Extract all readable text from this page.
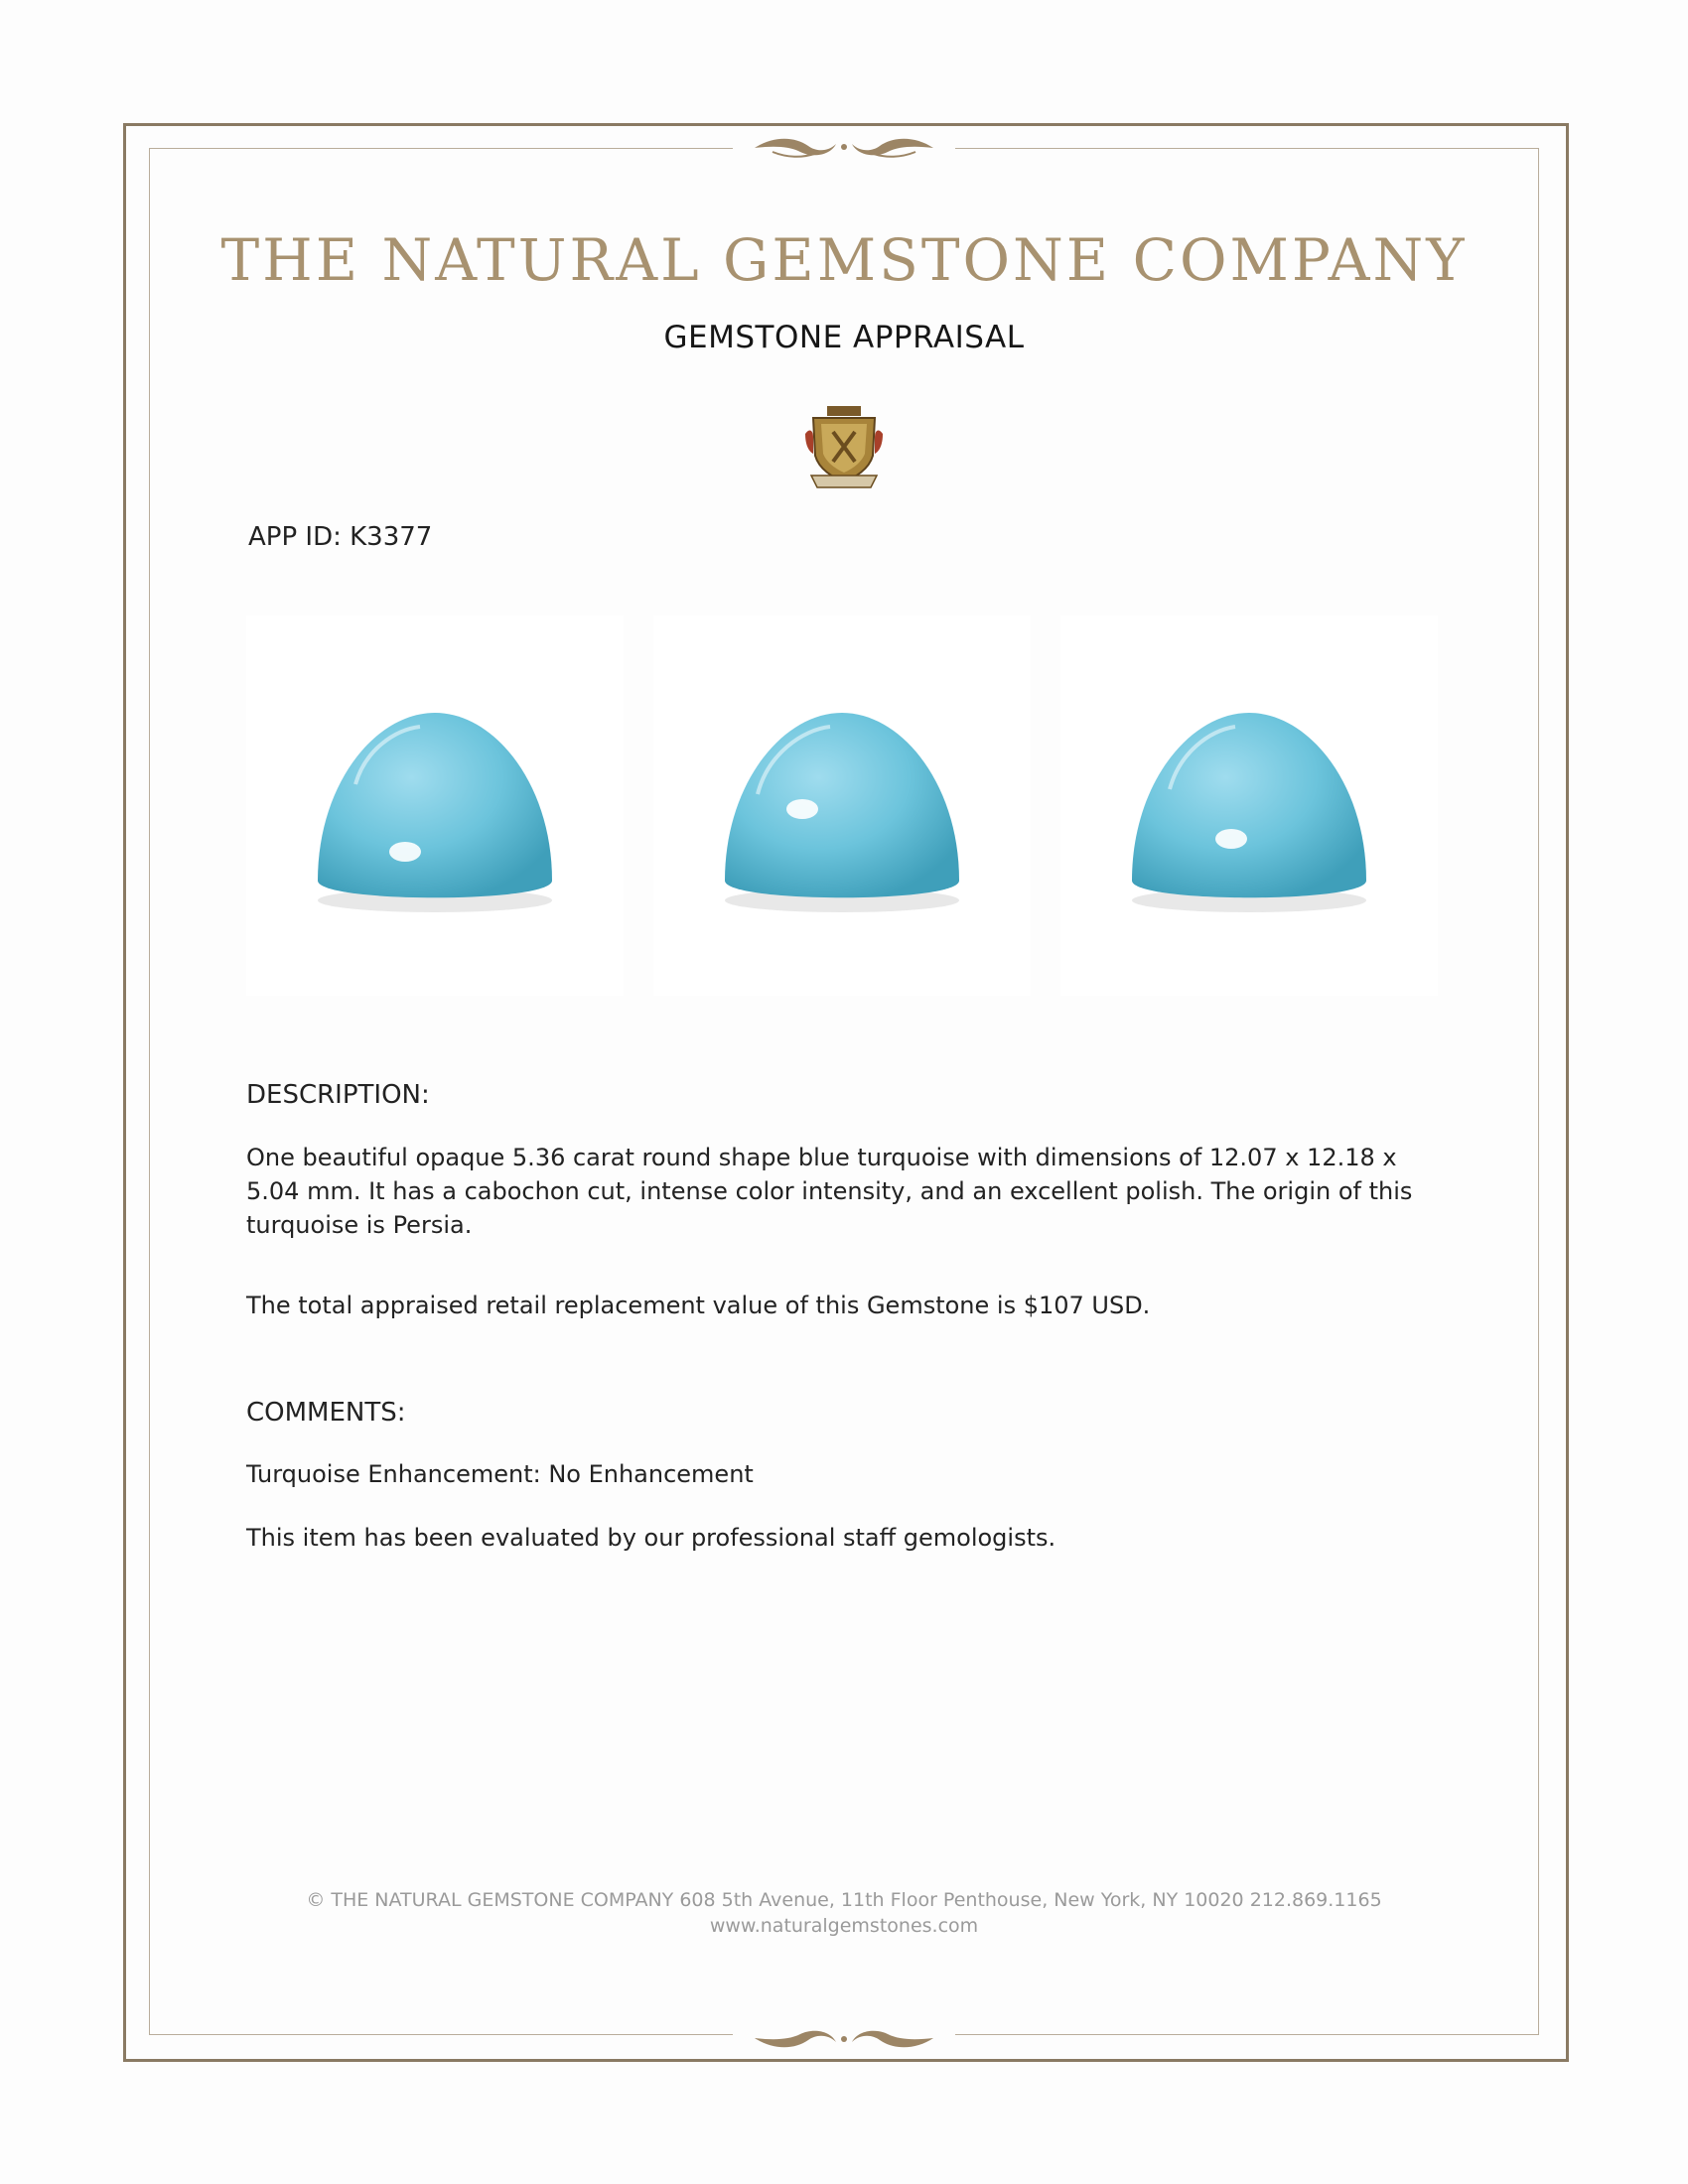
THE NATURAL GEMSTONE COMPANY
GEMSTONE APPRAISAL
APP ID: K3377
DESCRIPTION:
One beautiful opaque 5.36 carat round shape blue turquoise with dimensions of 12.07 x 12.18 x 5.04 mm. It has a cabochon cut, intense color intensity, and an excellent polish. The origin of this turquoise is Persia.
The total appraised retail replacement value of this Gemstone is $107 USD.
COMMENTS:
Turquoise Enhancement: No Enhancement
This item has been evaluated by our professional staff gemologists.
© THE NATURAL GEMSTONE COMPANY 608 5th Avenue, 11th Floor Penthouse, New York, NY 10020 212.869.1165
www.naturalgemstones.com
